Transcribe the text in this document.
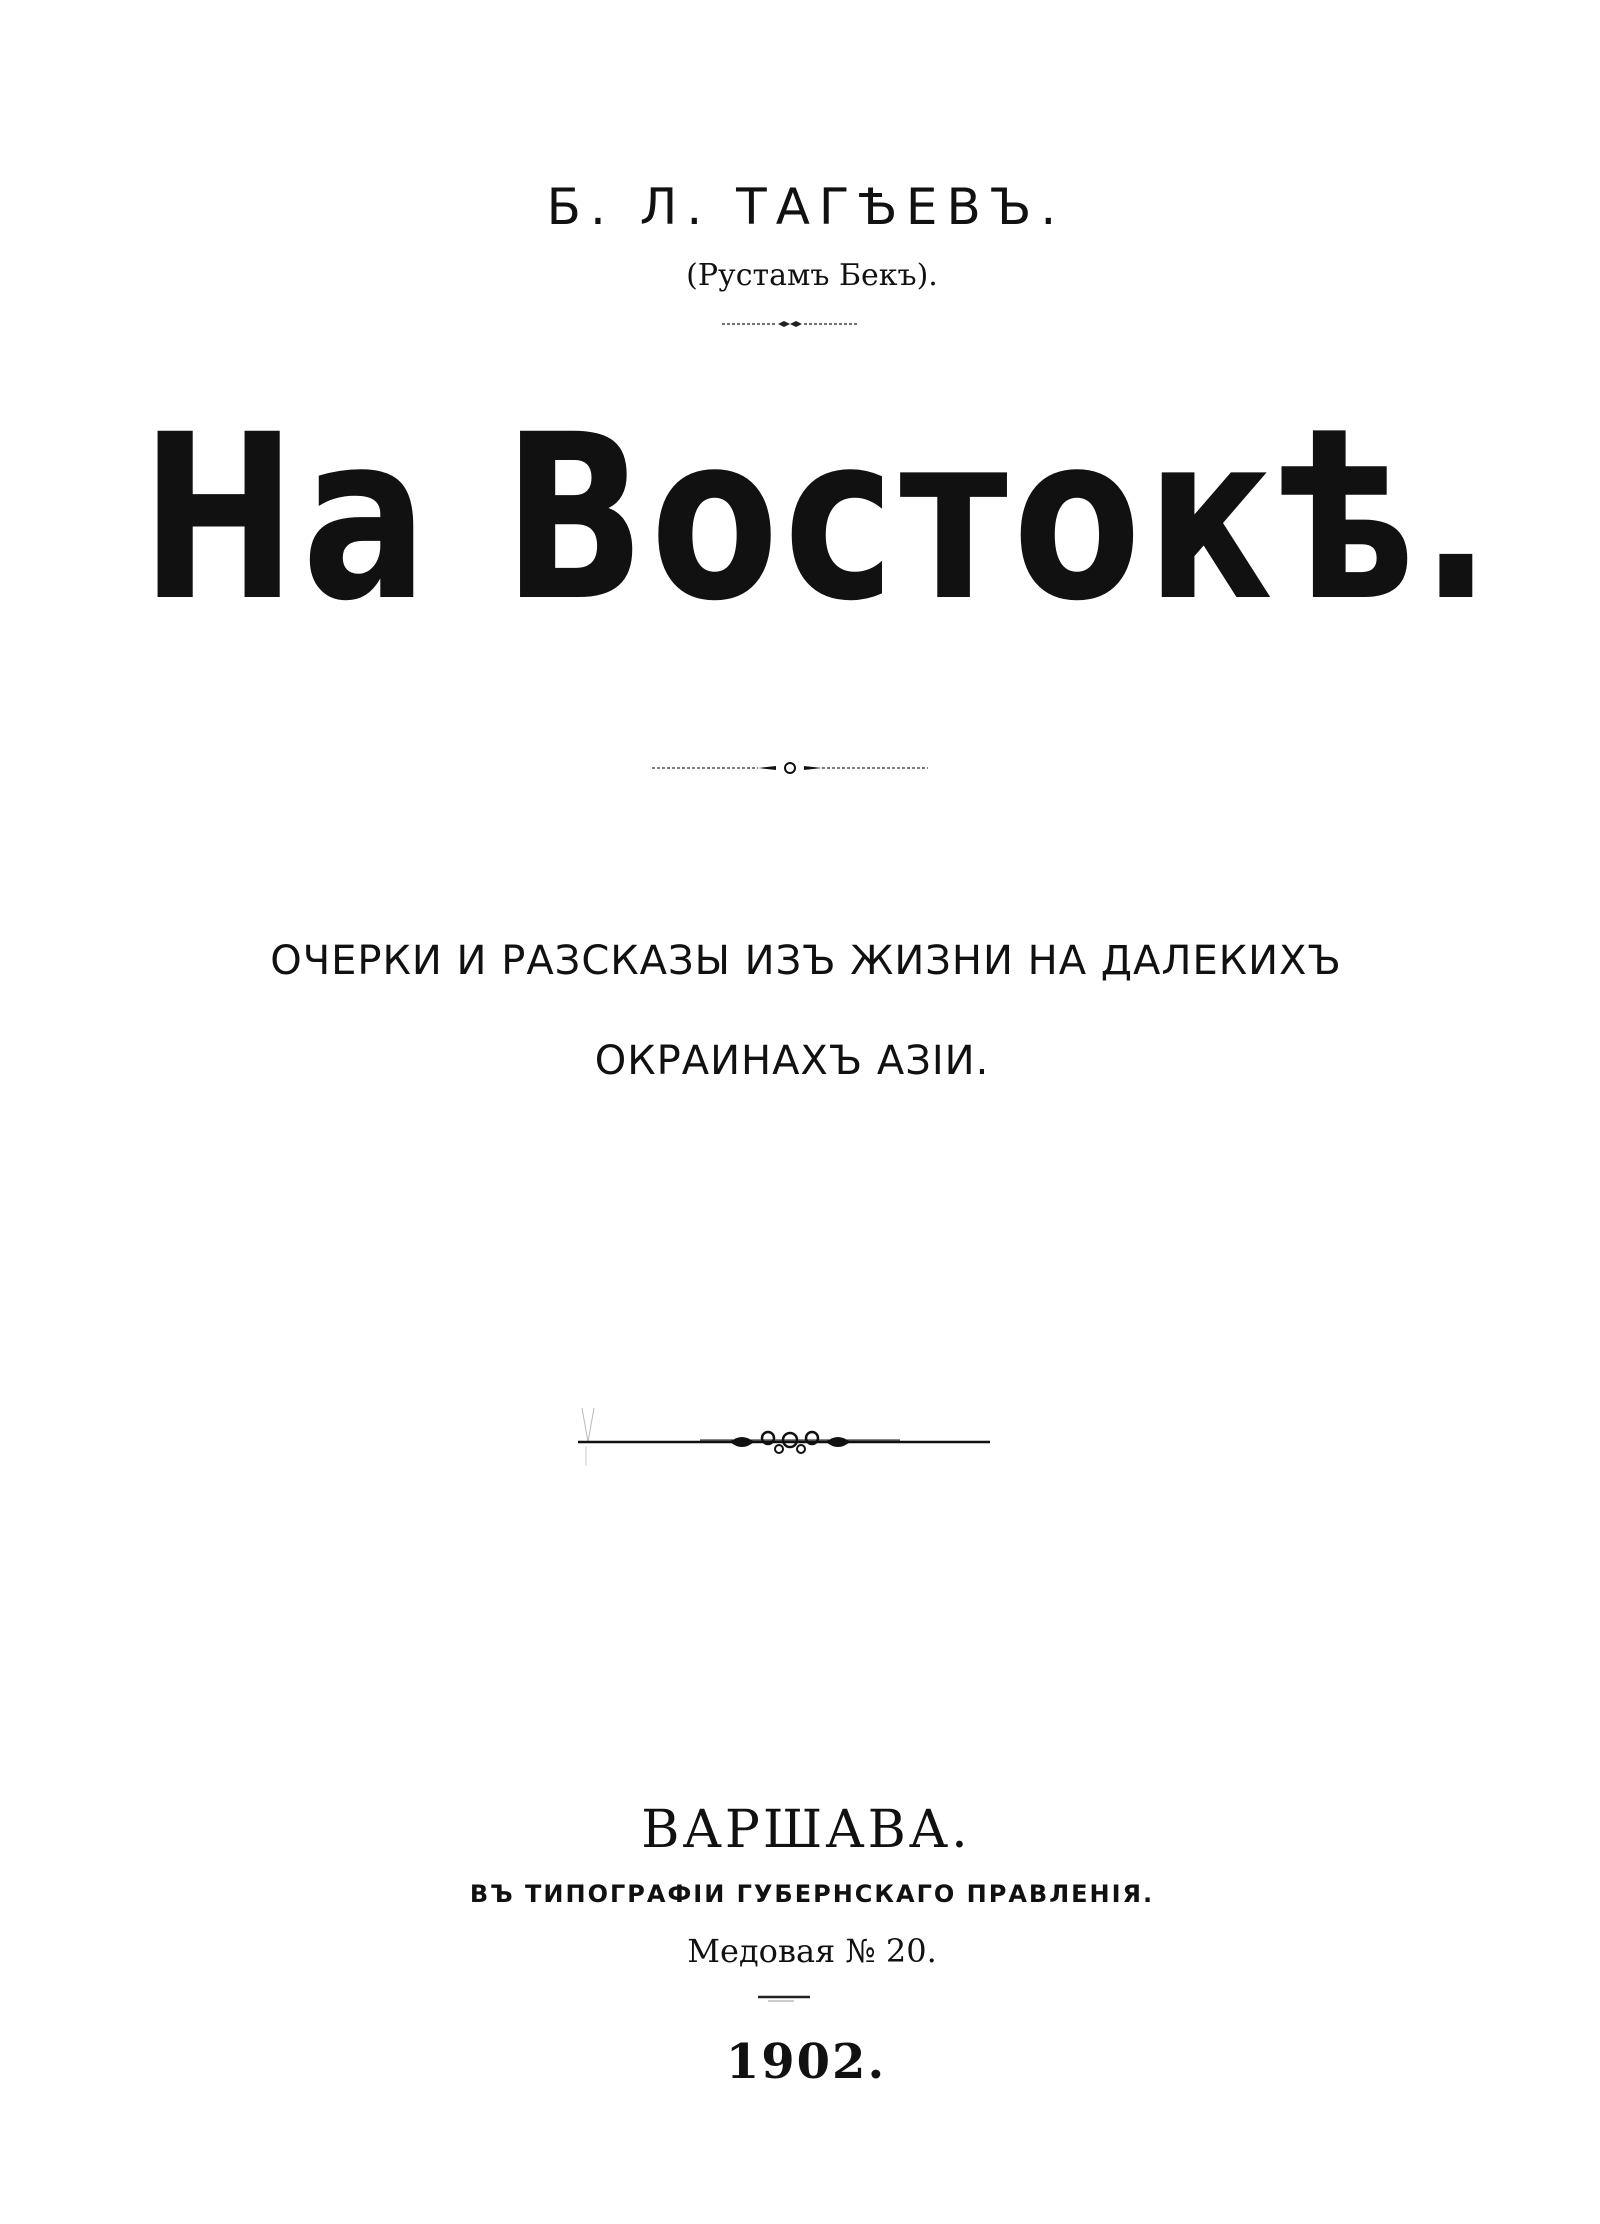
Б. Л. ТАГѢЕВЪ.
(Рустамъ Бекъ).
На Востокѣ.
ОЧЕРКИ И РАЗСКАЗЫ ИЗЪ ЖИЗНИ НА ДАЛЕКИХЪ
ОКРАИНАХЪ АЗІИ.
ВАРШАВА.
ВЪ ТИПОГРАФІИ ГУБЕРНСКАГО ПРАВЛЕНІЯ.
Медовая № 20.
1902.
